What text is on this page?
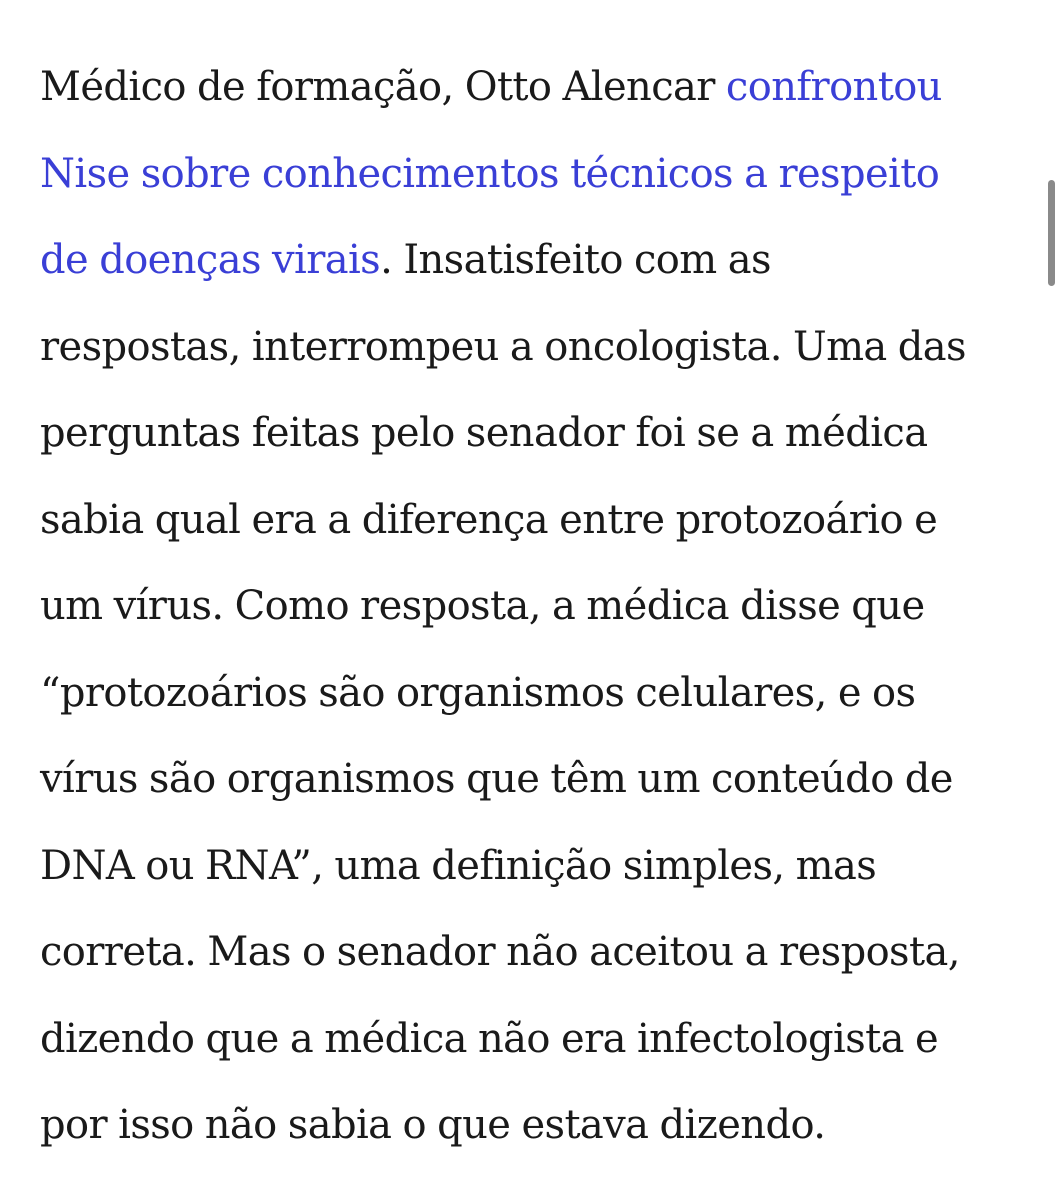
Médico de formação, Otto Alencar confrontou
Nise sobre conhecimentos técnicos a respeito
de doenças virais. Insatisfeito com as
respostas, interrompeu a oncologista. Uma das
perguntas feitas pelo senador foi se a médica
sabia qual era a diferença entre protozoário e
um vírus. Como resposta, a médica disse que
“protozoários são organismos celulares, e os
vírus são organismos que têm um conteúdo de
DNA ou RNA”, uma definição simples, mas
correta. Mas o senador não aceitou a resposta,
dizendo que a médica não era infectologista e
por isso não sabia o que estava dizendo.
